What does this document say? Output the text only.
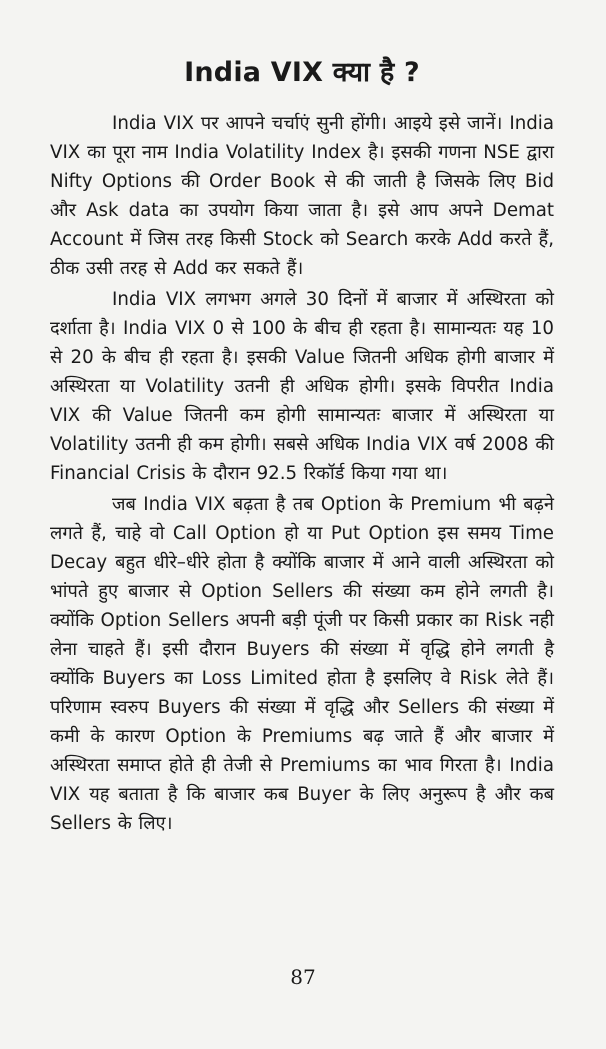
India VIX क्या है ?

India VIX पर आपने चर्चाएं सुनी होंगी। आइये इसे जानें। India VIX का पूरा नाम India Volatility Index है। इसकी गणना NSE द्वारा Nifty Options की Order Book से की जाती है जिसके लिए Bid और Ask data का उपयोग किया जाता है। इसे आप अपने Demat Account में जिस तरह किसी Stock को Search करके Add करते हैं, ठीक उसी तरह से Add कर सकते हैं।

India VIX लगभग अगले 30 दिनों में बाजार में अस्थिरता को दर्शाता है। India VIX 0 से 100 के बीच ही रहता है। सामान्यतः यह 10 से 20 के बीच ही रहता है। इसकी Value जितनी अधिक होगी बाजार में अस्थिरता या Volatility उतनी ही अधिक होगी। इसके विपरीत India VIX की Value जितनी कम होगी सामान्यतः बाजार में अस्थिरता या Volatility उतनी ही कम होगी। सबसे अधिक India VIX वर्ष 2008 की Financial Crisis के दौरान 92.5 रिकॉर्ड किया गया था।

जब India VIX बढ़ता है तब Option के Premium भी बढ़ने लगते हैं, चाहे वो Call Option हो या Put Option इस समय Time Decay बहुत धीरे–धीरे होता है क्योंकि बाजार में आने वाली अस्थिरता को भांपते हुए बाजार से Option Sellers की संख्या कम होने लगती है। क्योंकि Option Sellers अपनी बड़ी पूंजी पर किसी प्रकार का Risk नही लेना चाहते हैं। इसी दौरान Buyers की संख्या में वृद्धि होने लगती है क्योंकि Buyers का Loss Limited होता है इसलिए वे Risk लेते हैं। परिणाम स्वरुप Buyers की संख्या में वृद्धि और Sellers की संख्या में कमी के कारण Option के Premiums बढ़ जाते हैं और बाजार में अस्थिरता समाप्त होते ही तेजी से Premiums का भाव गिरता है। India VIX यह बताता है कि बाजार कब Buyer के लिए अनुरूप है और कब Sellers के लिए।

87
